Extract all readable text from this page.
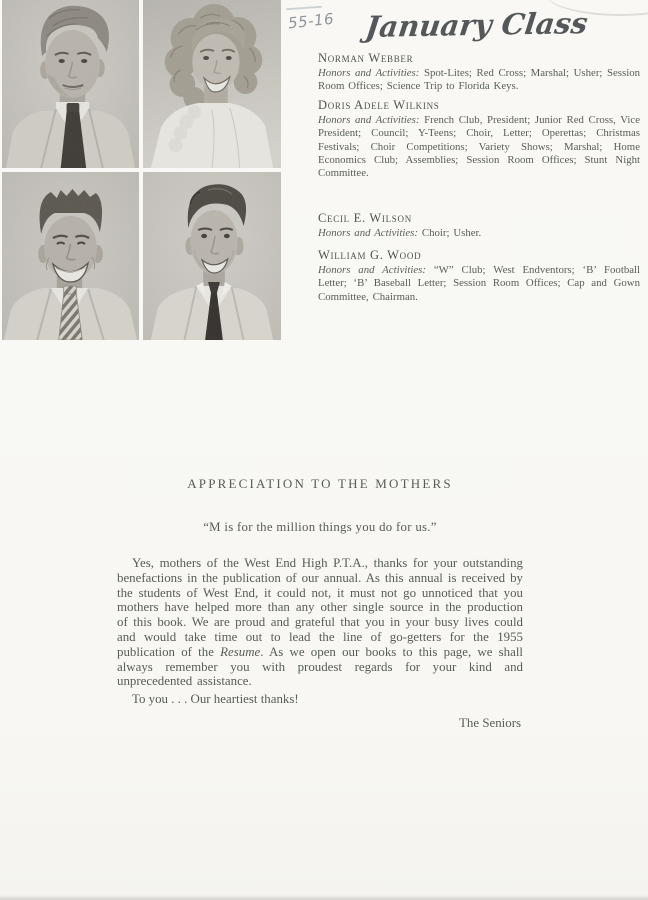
55-16 January Class
Norman Webber

Honors and Activities: Spot-Lites; Red Cross; Marshal; Usher; Session Room Offices; Science Trip to Florida Keys.

Doris Adele Wilkins

Honors and Activities: French Club, President; Junior Red Cross, Vice President; Council; Y-Teens; Choir, Letter; Operettas; Christmas Festivals; Choir Competitions; Variety Shows; Marshal; Home Economics Club; Assemblies; Session Room Offices; Stunt Night Committee.

Cecil E. Wilson

Honors and Activities: Choir; Usher.

William G. Wood

Honors and Activities: “W” Club; West Endventors; ‘B’ Football Letter; ‘B’ Baseball Letter; Session Room Offices; Cap and Gown Committee, Chairman.

APPRECIATION TO THE MOTHERS
“M is for the million things you do for us.”

Yes, mothers of the West End High P.T.A., thanks for your outstanding benefactions in the publication of our annual. As this annual is received by the students of West End, it could not, it must not go unnoticed that you mothers have helped more than any other single source in the production of this book. We are proud and grateful that you in your busy lives could and would take time out to lead the line of go-getters for the 1955 publication of the Resume. As we open our books to this page, we shall always remember you with proudest regards for your kind and unprecedented assistance.

To you . . . Our heartiest thanks!

The Seniors
